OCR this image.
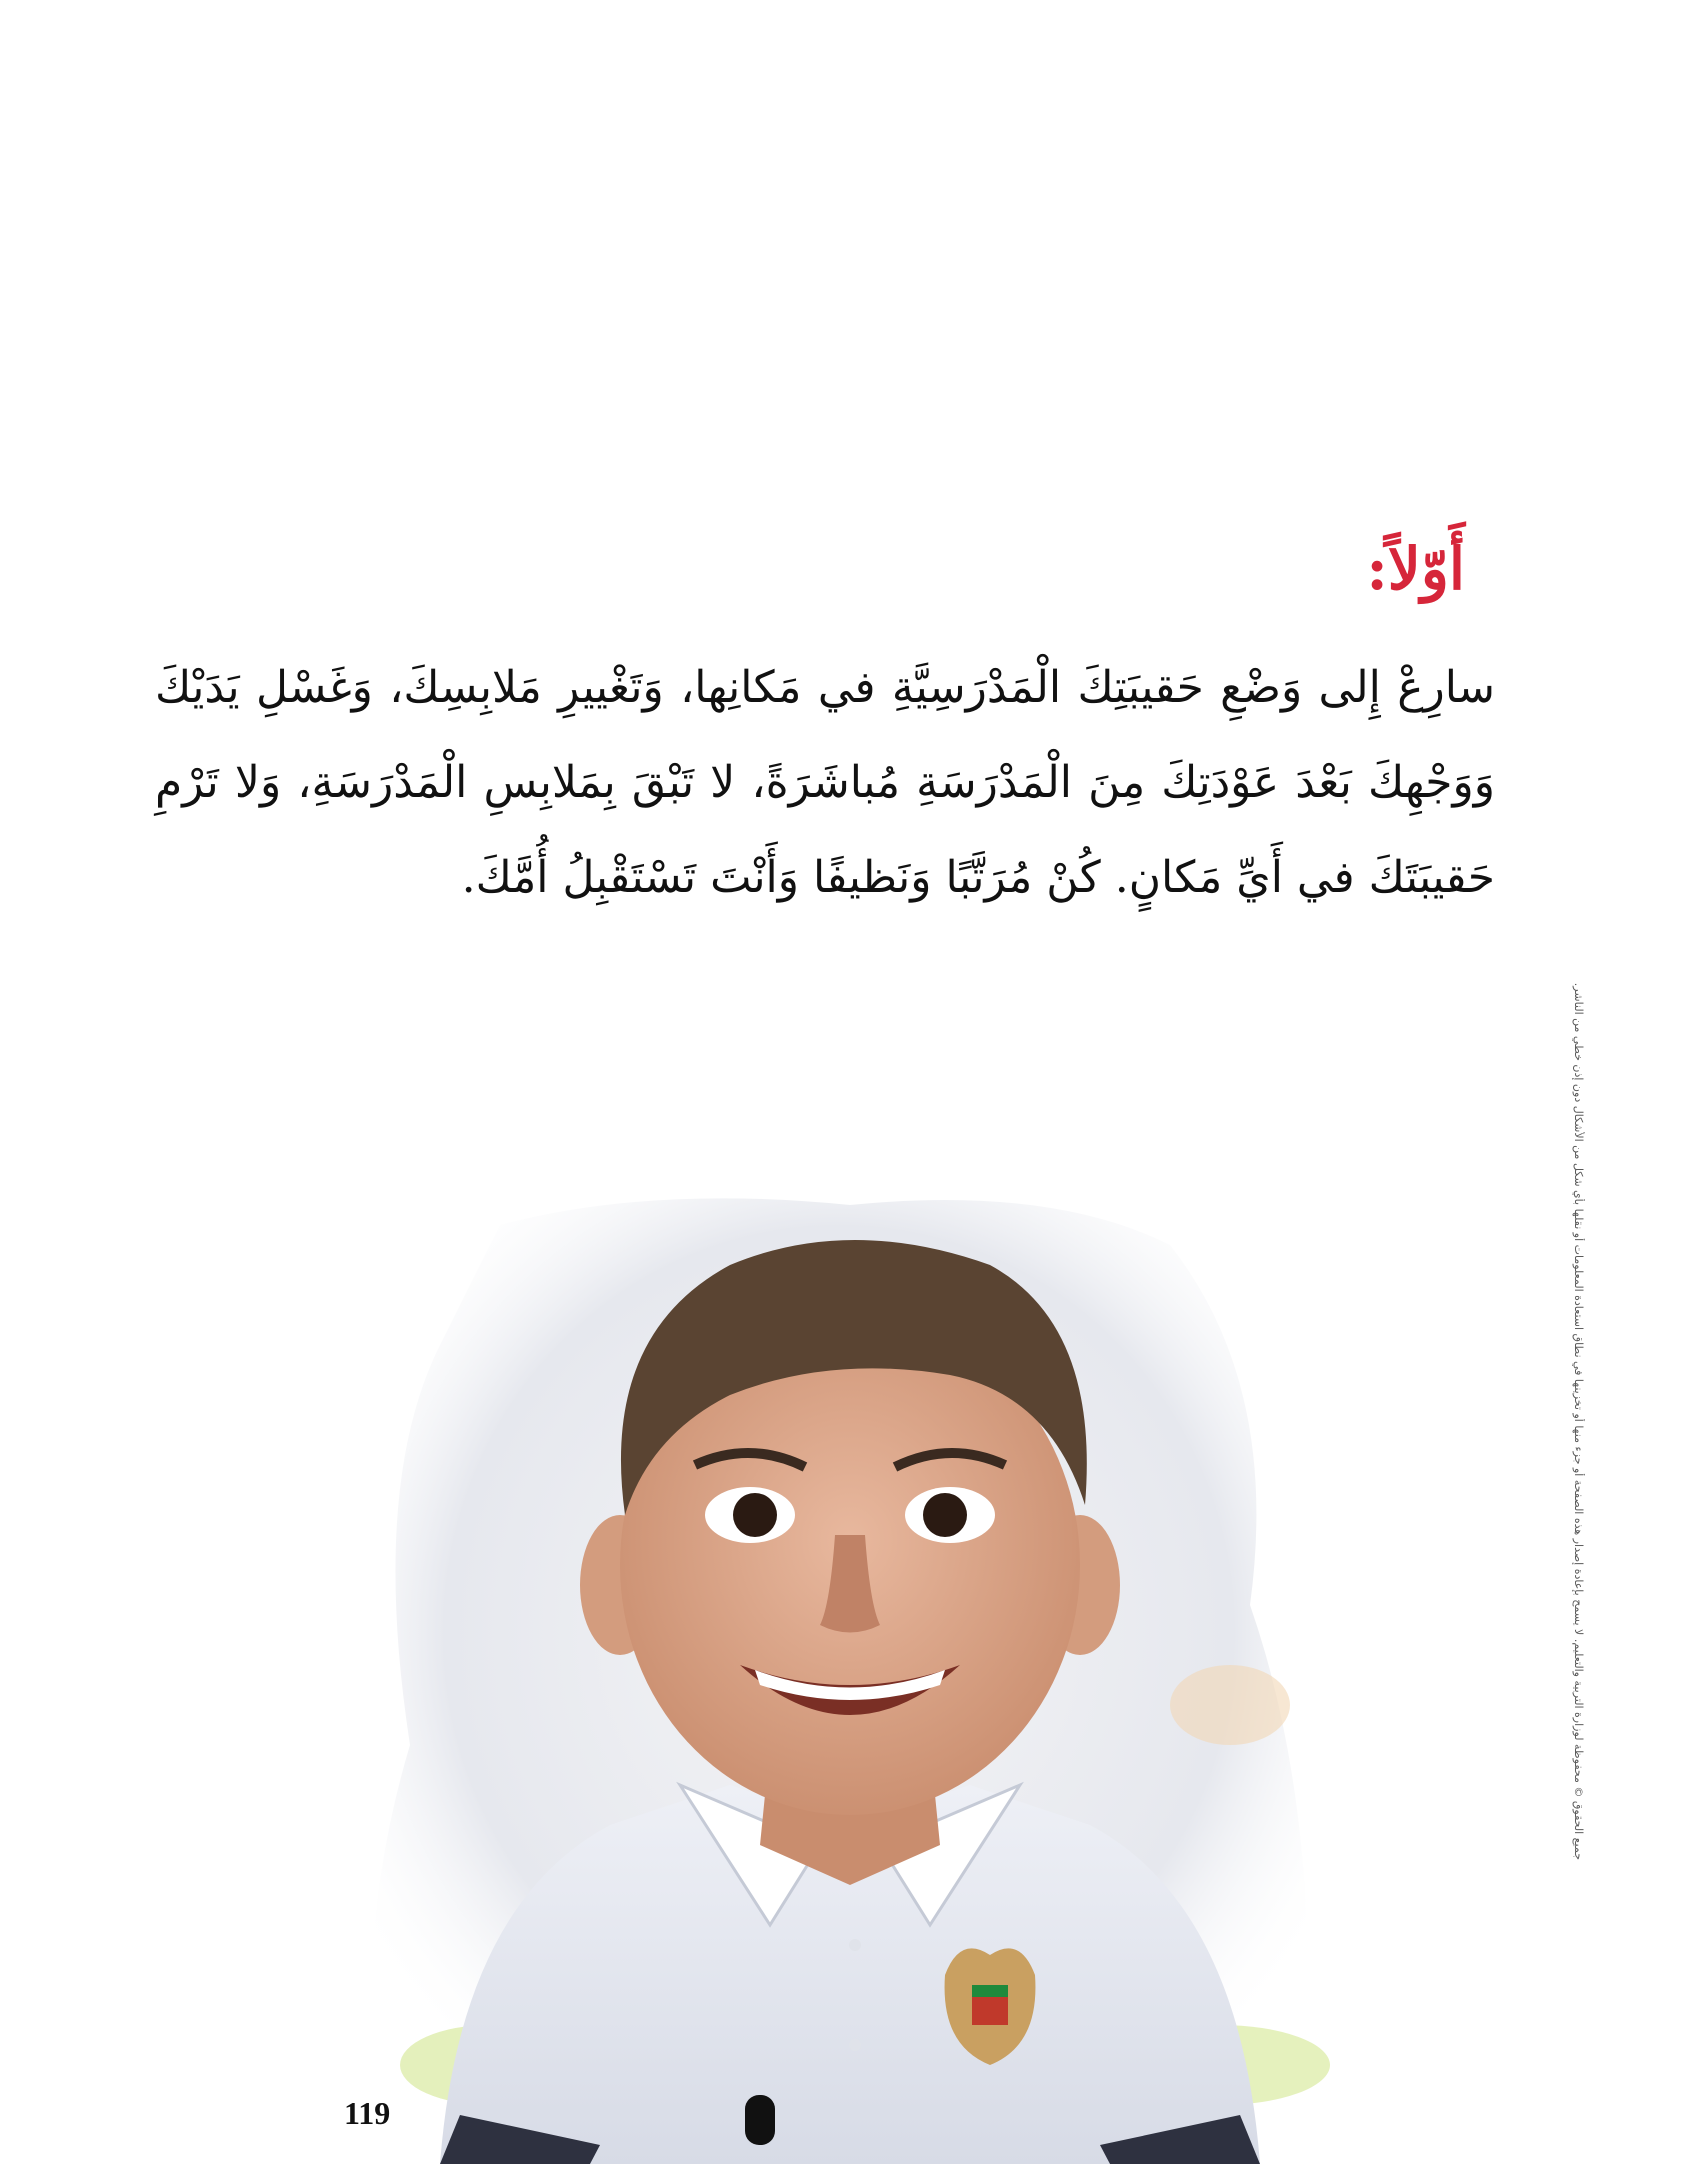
جميع الحقوق © محفوظة لوزارة التربية والتعليم. لا يسمح بإعادة إصدار هذه الصفحة أو جزء منها أو تخزينها في نطاق استعادة المعلومات أو نقلها بأي شكل من الأشكال دون إذن خطي من الناشر.
أَوّلاً:

سارِعْ إِلى وَضْعِ حَقيبَتِكَ الْمَدْرَسِيَّةِ في مَكانِها، وَتَغْييرِ مَلابِسِكَ، وَغَسْلِ يَدَيْكَ وَوَجْهِكَ بَعْدَ عَوْدَتِكَ مِنَ الْمَدْرَسَةِ مُباشَرَةً، لا تَبْقَ بِمَلابِسِ الْمَدْرَسَةِ، وَلا تَرْمِ حَقيبَتَكَ في أَيِّ مَكانٍ. كُنْ مُرَتَّبًا وَنَظيفًا وَأَنْتَ تَسْتَقْبِلُ أُمَّكَ.

119
